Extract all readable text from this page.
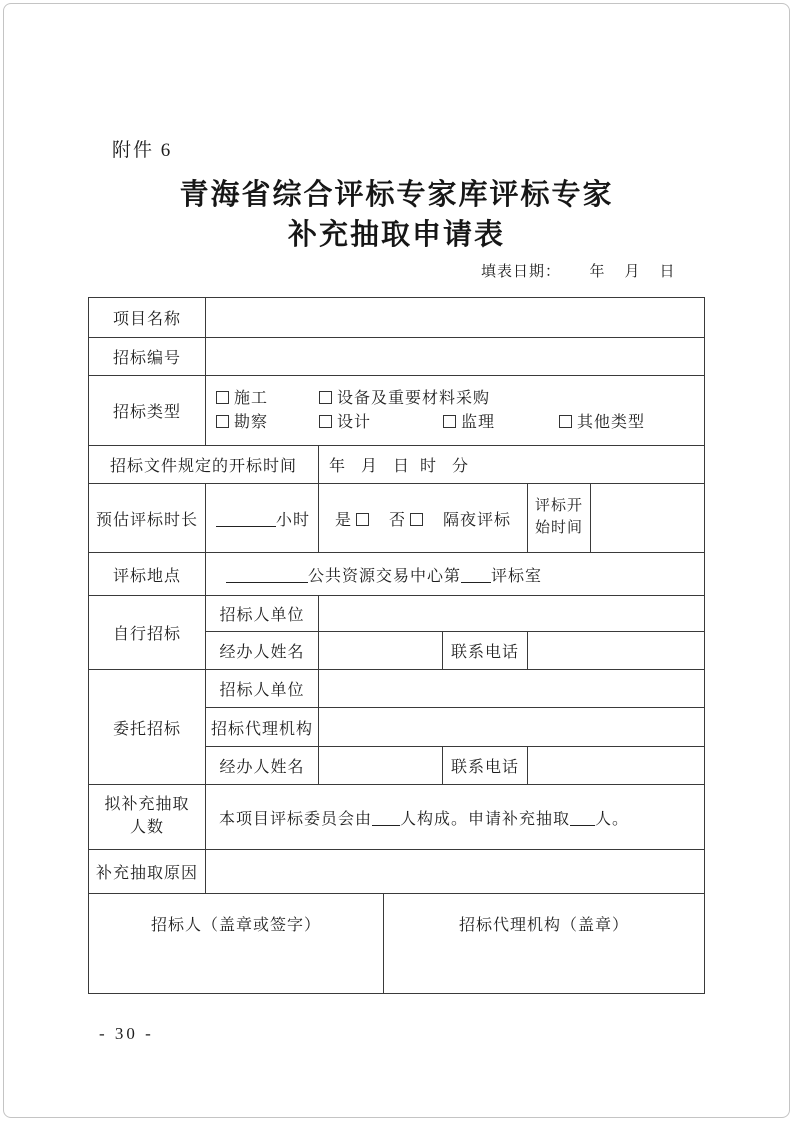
附件 6
青海省综合评标专家库评标专家
补充抽取申请表
填表日期：      年    月    日
项目名称						
招标编号						
招标类型	施工 设备及重要材料采购
勘察 设计 监理 其他类型					

招标文件规定的开标时间		年   月   日  时   分				
预估评标时长	小时	是 否 隔夜评标			评标开
始时间	

评标地点	公共资源交易中心第 评标室					
自行招标	招标人单位					
	经办人姓名			联系电话		
委托招标	招标人单位					
	招标代理机构					
	经办人姓名			联系电话		

拟补充抽取
人数	本项目评标委员会由 人构成。申请补充抽取 人。					
补充抽取原因						
招标人（盖章或签字）			招标代理机构（盖章）			
- 30 -
